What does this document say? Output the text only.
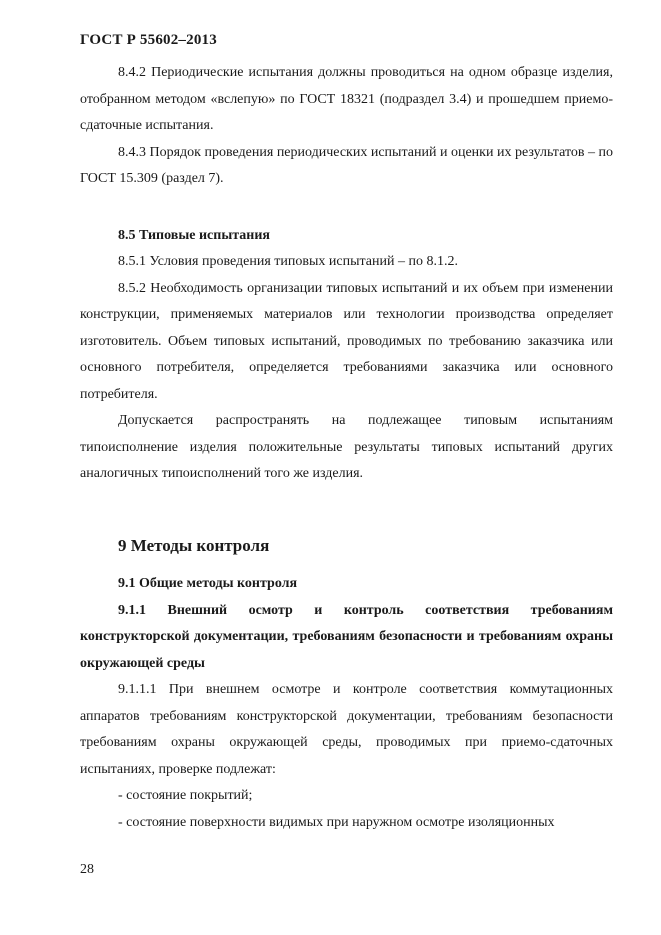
ГОСТ Р 55602–2013

8.4.2 Периодические испытания должны проводиться на одном образце изделия, отобранном методом «вслепую» по ГОСТ 18321 (подраздел 3.4) и прошедшем приемо-сдаточные испытания.

8.4.3 Порядок проведения периодических испытаний и оценки их результатов – по ГОСТ 15.309 (раздел 7).

8.5 Типовые испытания

8.5.1 Условия проведения типовых испытаний – по 8.1.2.

8.5.2 Необходимость организации типовых испытаний и их объем при изменении конструкции, применяемых материалов или технологии производства определяет изготовитель. Объем типовых испытаний, проводимых по требованию заказчика или основного потребителя, определяется требованиями заказчика или основного потребителя.

Допускается распространять на подлежащее типовым испытаниям типоисполнение изделия положительные результаты типовых испытаний других аналогичных типоисполнений того же изделия.

9 Методы контроля

9.1 Общие методы контроля

9.1.1 Внешний осмотр и контроль соответствия требованиям конструкторской документации, требованиям безопасности и требованиям охраны окружающей среды

9.1.1.1 При внешнем осмотре и контроле соответствия коммутационных аппаратов требованиям конструкторской документации, требованиям безопасности требованиям охраны окружающей среды, проводимых при приемо-сдаточных испытаниях, проверке подлежат:

- состояние покрытий;

- состояние поверхности видимых при наружном осмотре изоляционных

28
